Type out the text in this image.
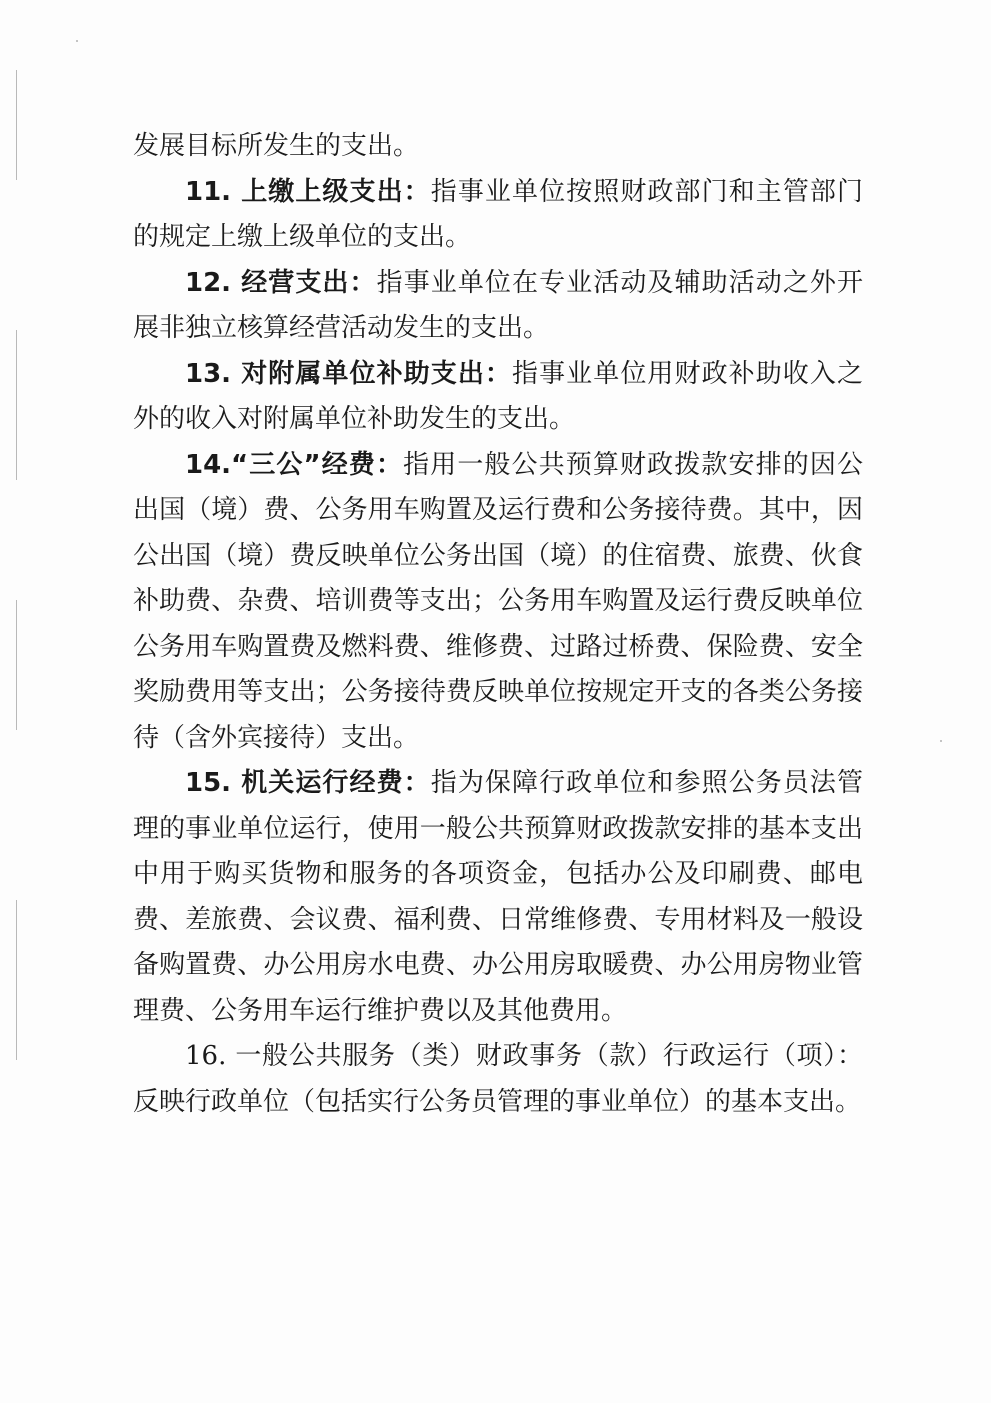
发展目标所发生的支出。

11. 上缴上级支出：指事业单位按照财政部门和主管部门的规定上缴上级单位的支出。

12. 经营支出：指事业单位在专业活动及辅助活动之外开展非独立核算经营活动发生的支出。

13. 对附属单位补助支出：指事业单位用财政补助收入之外的收入对附属单位补助发生的支出。

14.“三公”经费：指用一般公共预算财政拨款安排的因公出国（境）费、公务用车购置及运行费和公务接待费。其中，因公出国（境）费反映单位公务出国（境）的住宿费、旅费、伙食补助费、杂费、培训费等支出；公务用车购置及运行费反映单位公务用车购置费及燃料费、维修费、过路过桥费、保险费、安全奖励费用等支出；公务接待费反映单位按规定开支的各类公务接待（含外宾接待）支出。

15. 机关运行经费：指为保障行政单位和参照公务员法管理的事业单位运行，使用一般公共预算财政拨款安排的基本支出中用于购买货物和服务的各项资金，包括办公及印刷费、邮电费、差旅费、会议费、福利费、日常维修费、专用材料及一般设备购置费、办公用房水电费、办公用房取暖费、办公用房物业管理费、公务用车运行维护费以及其他费用。

16. 一般公共服务（类）财政事务（款）行政运行（项）：反映行政单位（包括实行公务员管理的事业单位）的基本支出。
